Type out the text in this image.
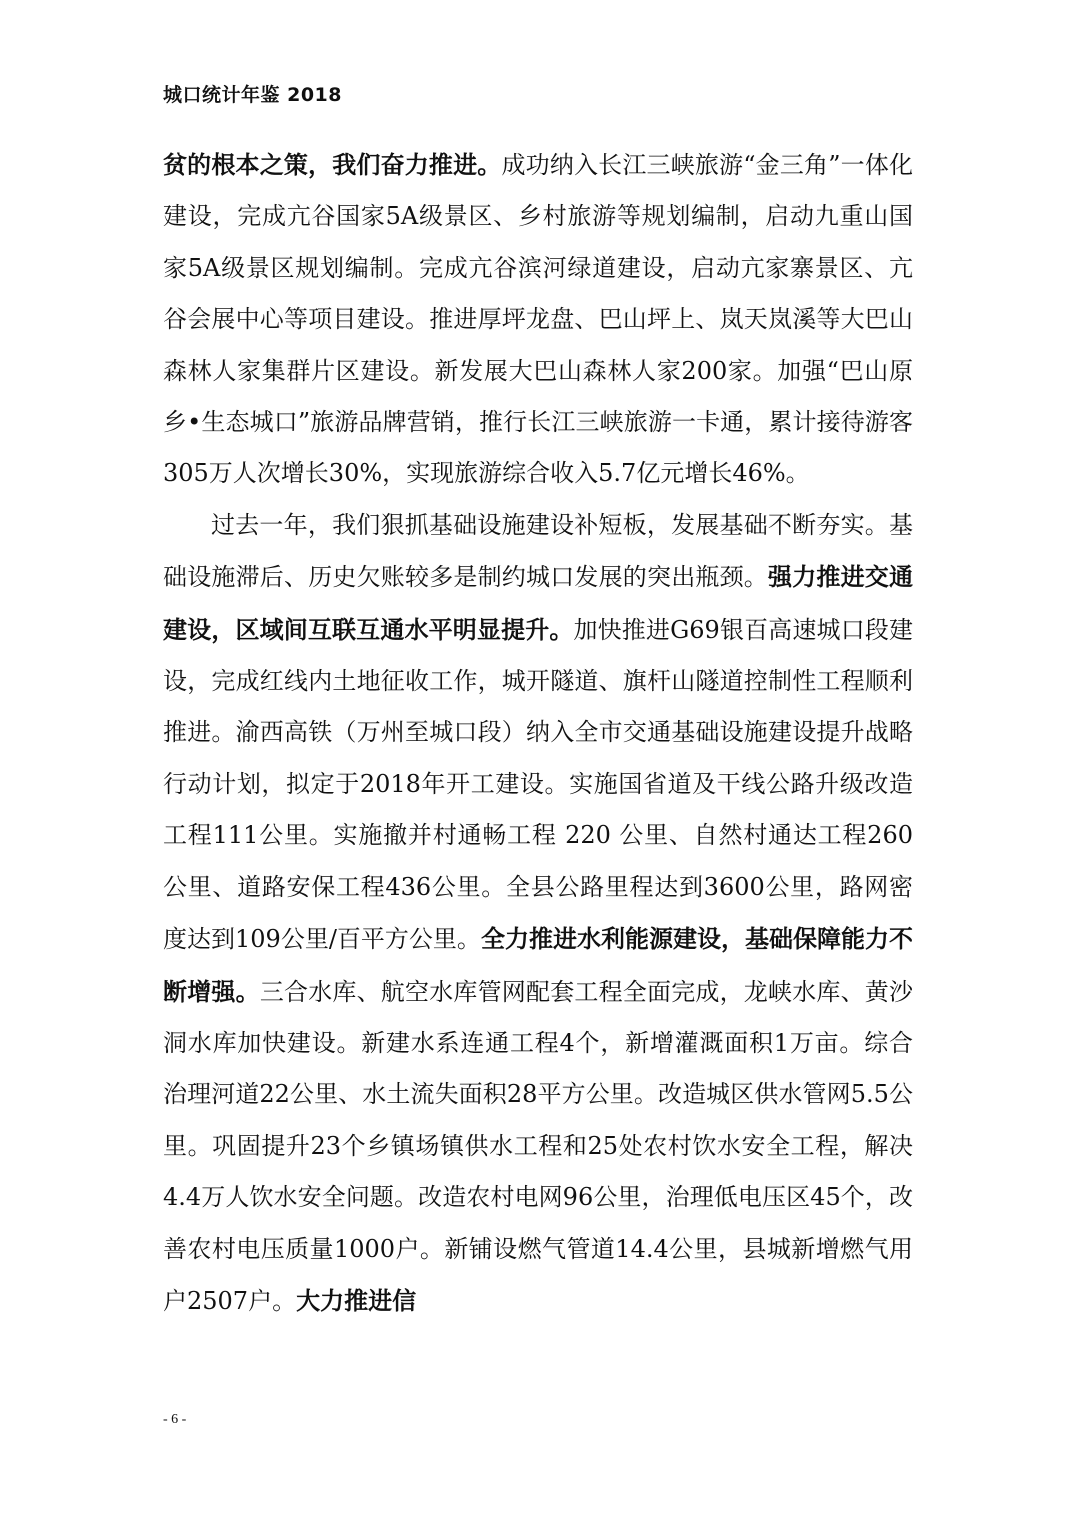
城口统计年鉴 2018

贫的根本之策，我们奋力推进。成功纳入长江三峡旅游“金三角”一体化建设，完成亢谷国家5A级景区、乡村旅游等规划编制，启动九重山国家5A级景区规划编制。完成亢谷滨河绿道建设，启动亢家寨景区、亢谷会展中心等项目建设。推进厚坪龙盘、巴山坪上、岚天岚溪等大巴山森林人家集群片区建设。新发展大巴山森林人家200家。加强“巴山原乡•生态城口”旅游品牌营销，推行长江三峡旅游一卡通，累计接待游客305万人次增长30%，实现旅游综合收入5.7亿元增长46%。

过去一年，我们狠抓基础设施建设补短板，发展基础不断夯实。基础设施滞后、历史欠账较多是制约城口发展的突出瓶颈。强力推进交通建设，区域间互联互通水平明显提升。加快推进G69银百高速城口段建设，完成红线内土地征收工作，城开隧道、旗杆山隧道控制性工程顺利推进。渝西高铁（万州至城口段）纳入全市交通基础设施建设提升战略行动计划，拟定于2018年开工建设。实施国省道及干线公路升级改造工程111公里。实施撤并村通畅工程 220 公里、自然村通达工程260公里、道路安保工程436公里。全县公路里程达到3600公里，路网密度达到109公里/百平方公里。全力推进水利能源建设，基础保障能力不断增强。三合水库、航空水库管网配套工程全面完成，龙峡水库、黄沙洞水库加快建设。新建水系连通工程4个，新增灌溉面积1万亩。综合治理河道22公里、水土流失面积28平方公里。改造城区供水管网5.5公里。巩固提升23个乡镇场镇供水工程和25处农村饮水安全工程，解决4.4万人饮水安全问题。改造农村电网96公里，治理低电压区45个，改善农村电压质量1000户。新铺设燃气管道14.4公里，县城新增燃气用户2507户。大力推进信

- 6 -
